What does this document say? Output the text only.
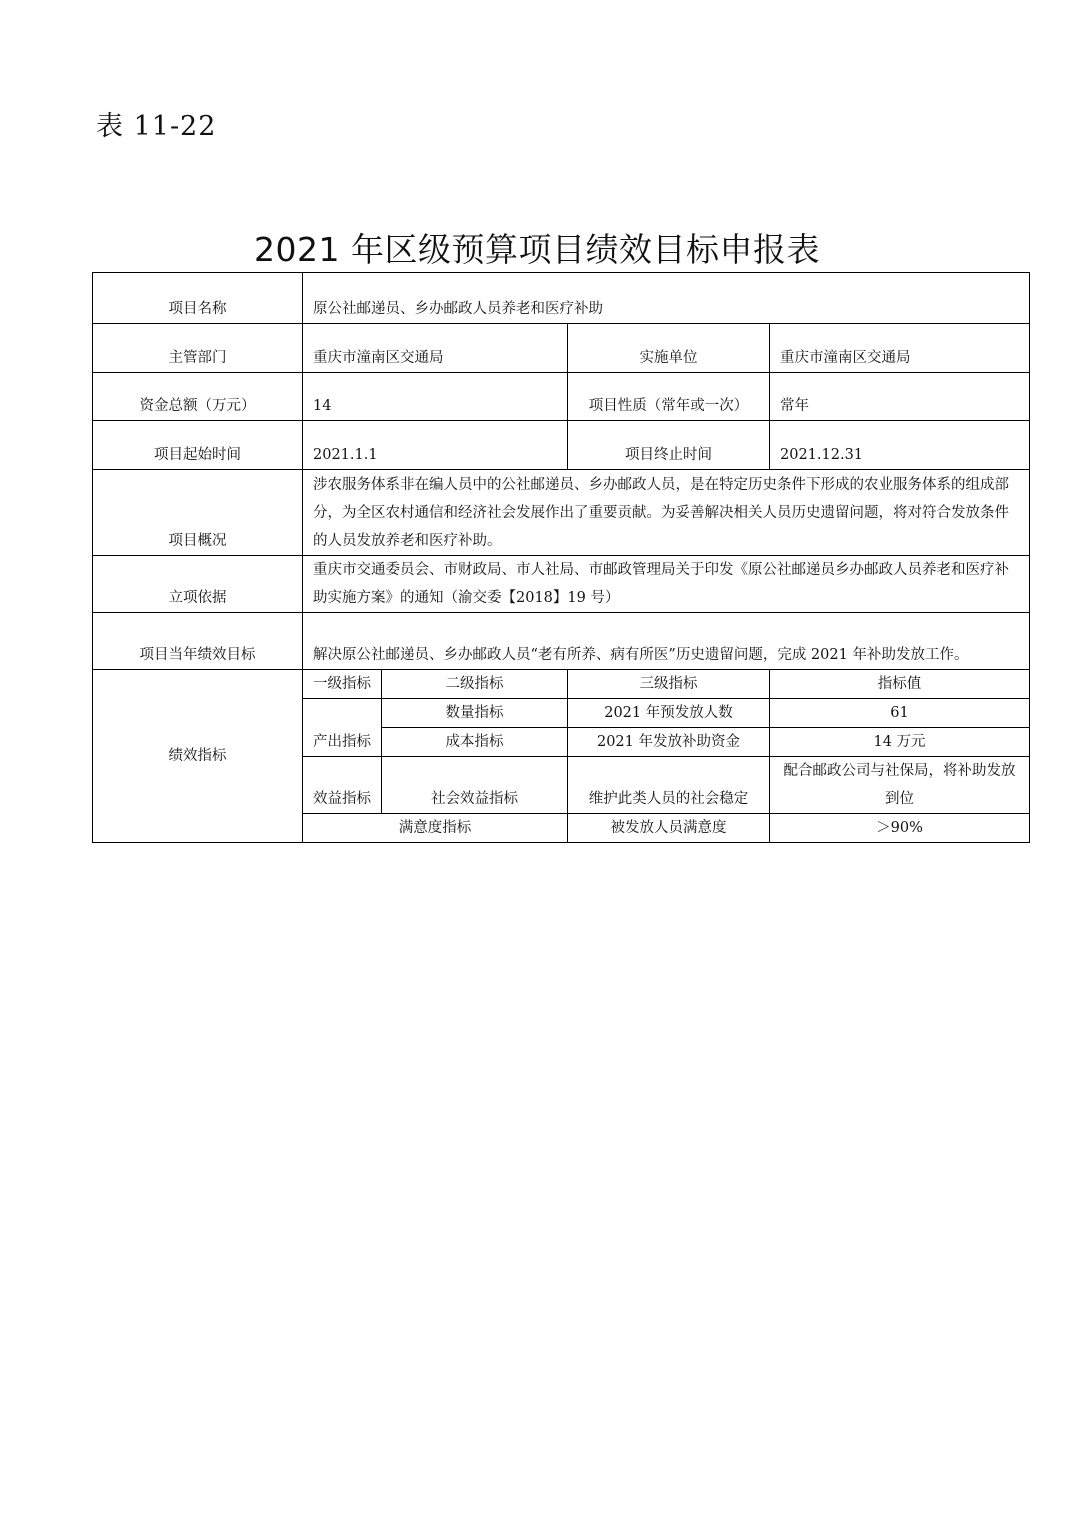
表 11-22
2021 年区级预算项目绩效目标申报表
项目名称	原公社邮递员、乡办邮政人员养老和医疗补助			
主管部门	重庆市潼南区交通局		实施单位	重庆市潼南区交通局
资金总额（万元）	14		项目性质（常年或一次）	常年
项目起始时间	2021.1.1		项目终止时间	2021.12.31
项目概况	涉农服务体系非在编人员中的公社邮递员、乡办邮政人员，是在特定历史条件下形成的农业服务体系的组成部分，为全区农村通信和经济社会发展作出了重要贡献。为妥善解决相关人员历史遗留问题，将对符合发放条件的人员发放养老和医疗补助。			
立项依据	重庆市交通委员会、市财政局、市人社局、市邮政管理局关于印发《原公社邮递员乡办邮政人员养老和医疗补助实施方案》的通知（渝交委【2018】19 号）			
项目当年绩效目标	解决原公社邮递员、乡办邮政人员“老有所养、病有所医”历史遗留问题，完成 2021 年补助发放工作。			
绩效指标	一级指标	二级指标	三级指标	指标值
	产出指标	数量指标	2021 年预发放人数	61
		成本指标	2021 年发放补助资金	14 万元
	效益指标	社会效益指标	维护此类人员的社会稳定	配合邮政公司与社保局，将补助发放到位
	满意度指标		被发放人员满意度	＞90%
